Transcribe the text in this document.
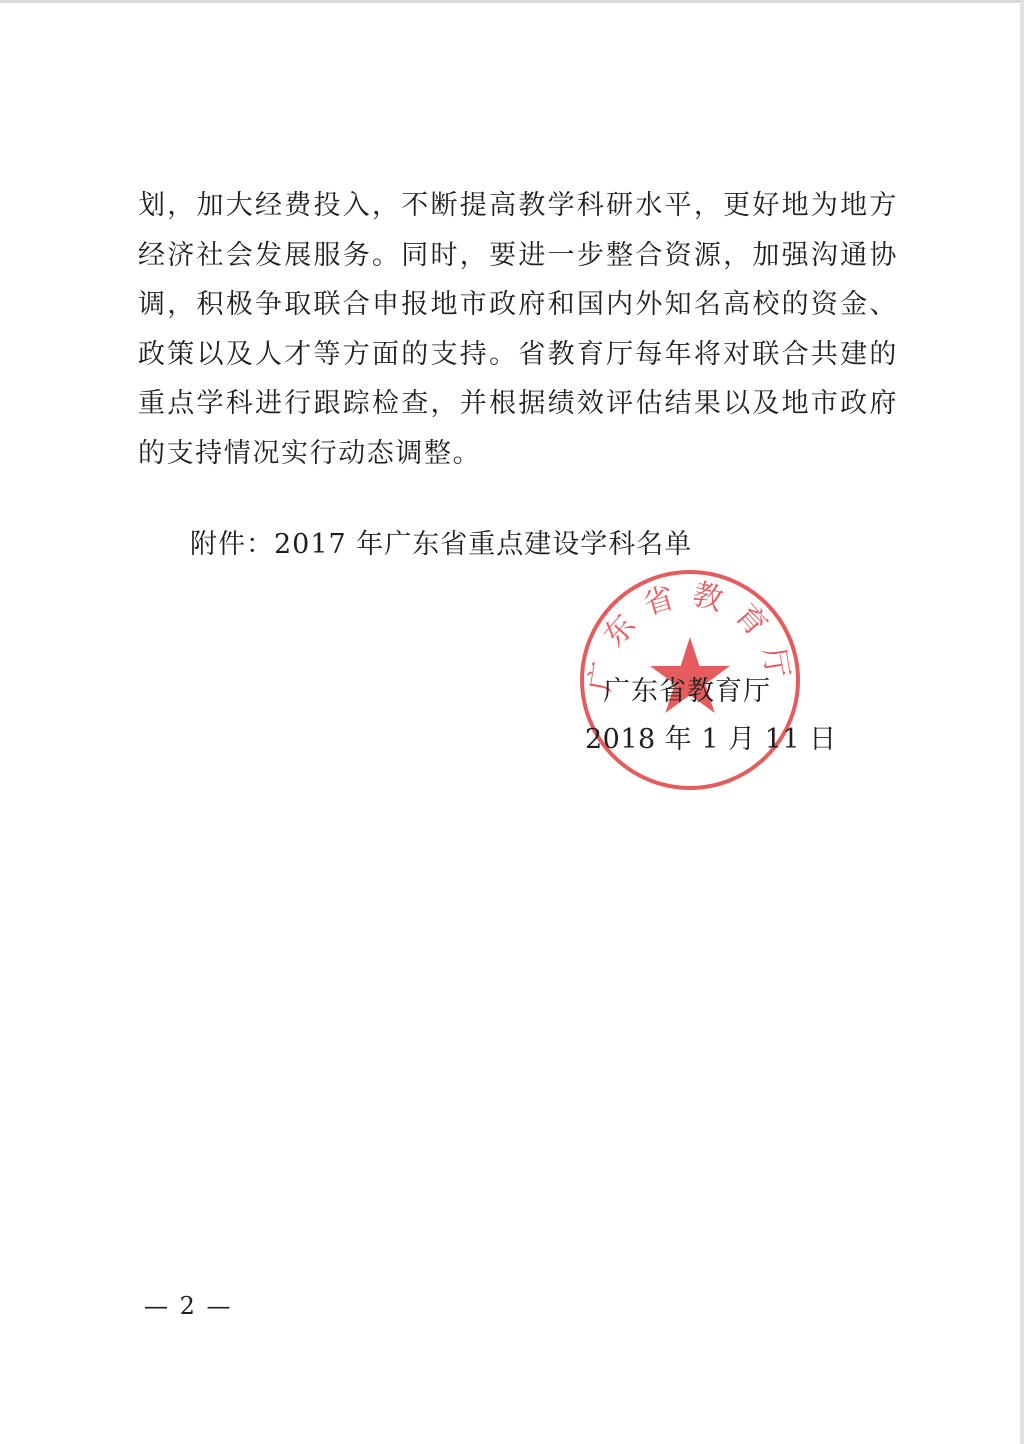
划，加大经费投入，不断提高教学科研水平，更好地为地方经济社会发展服务。同时，要进一步整合资源，加强沟通协调，积极争取联合申报地市政府和国内外知名高校的资金、政策以及人才等方面的支持。省教育厅每年将对联合共建的重点学科进行跟踪检查，并根据绩效评估结果以及地市政府的支持情况实行动态调整。

附件：2017 年广东省重点建设学科名单

广东省教育厅

广东省教育厅

2018 年 1 月 11 日

— 2 —
